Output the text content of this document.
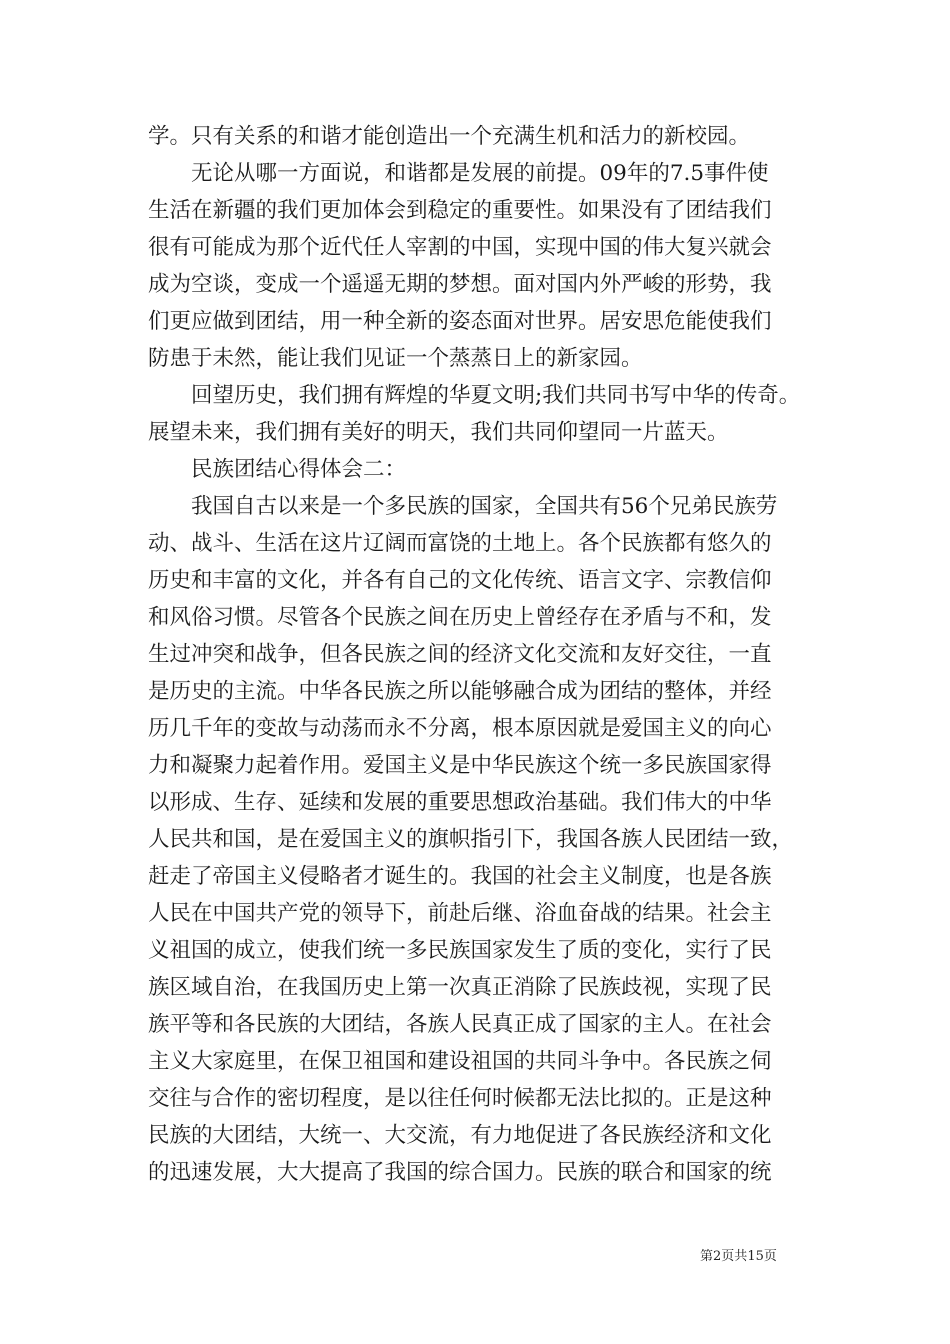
学。只有关系的和谐才能创造出一个充满生机和活力的新校园。
无论从哪一方面说，和谐都是发展的前提。09年的7.5事件使
生活在新疆的我们更加体会到稳定的重要性。如果没有了团结我们
很有可能成为那个近代任人宰割的中国，实现中国的伟大复兴就会
成为空谈，变成一个遥遥无期的梦想。面对国内外严峻的形势，我
们更应做到团结，用一种全新的姿态面对世界。居安思危能使我们
防患于未然，能让我们见证一个蒸蒸日上的新家园。
回望历史，我们拥有辉煌的华夏文明;我们共同书写中华的传奇。
展望未来，我们拥有美好的明天，我们共同仰望同一片蓝天。
民族团结心得体会二：
我国自古以来是一个多民族的国家，全国共有56个兄弟民族劳
动、战斗、生活在这片辽阔而富饶的土地上。各个民族都有悠久的
历史和丰富的文化，并各有自己的文化传统、语言文字、宗教信仰
和风俗习惯。尽管各个民族之间在历史上曾经存在矛盾与不和，发
生过冲突和战争，但各民族之间的经济文化交流和友好交往，一直
是历史的主流。中华各民族之所以能够融合成为团结的整体，并经
历几千年的变故与动荡而永不分离，根本原因就是爱国主义的向心
力和凝聚力起着作用。爱国主义是中华民族这个统一多民族国家得
以形成、生存、延续和发展的重要思想政治基础。我们伟大的中华
人民共和国，是在爱国主义的旗帜指引下，我国各族人民团结一致，
赶走了帝国主义侵略者才诞生的。我国的社会主义制度，也是各族
人民在中国共产党的领导下，前赴后继、浴血奋战的结果。社会主
义祖国的成立，使我们统一多民族国家发生了质的变化，实行了民
族区域自治，在我国历史上第一次真正消除了民族歧视，实现了民
族平等和各民族的大团结，各族人民真正成了国家的主人。在社会
主义大家庭里，在保卫祖国和建设祖国的共同斗争中。各民族之伺
交往与合作的密切程度，是以往任何时候都无法比拟的。正是这种
民族的大团结，大统一、大交流，有力地促进了各民族经济和文化
的迅速发展，大大提高了我国的综合国力。民族的联合和国家的统
第2页共15页
